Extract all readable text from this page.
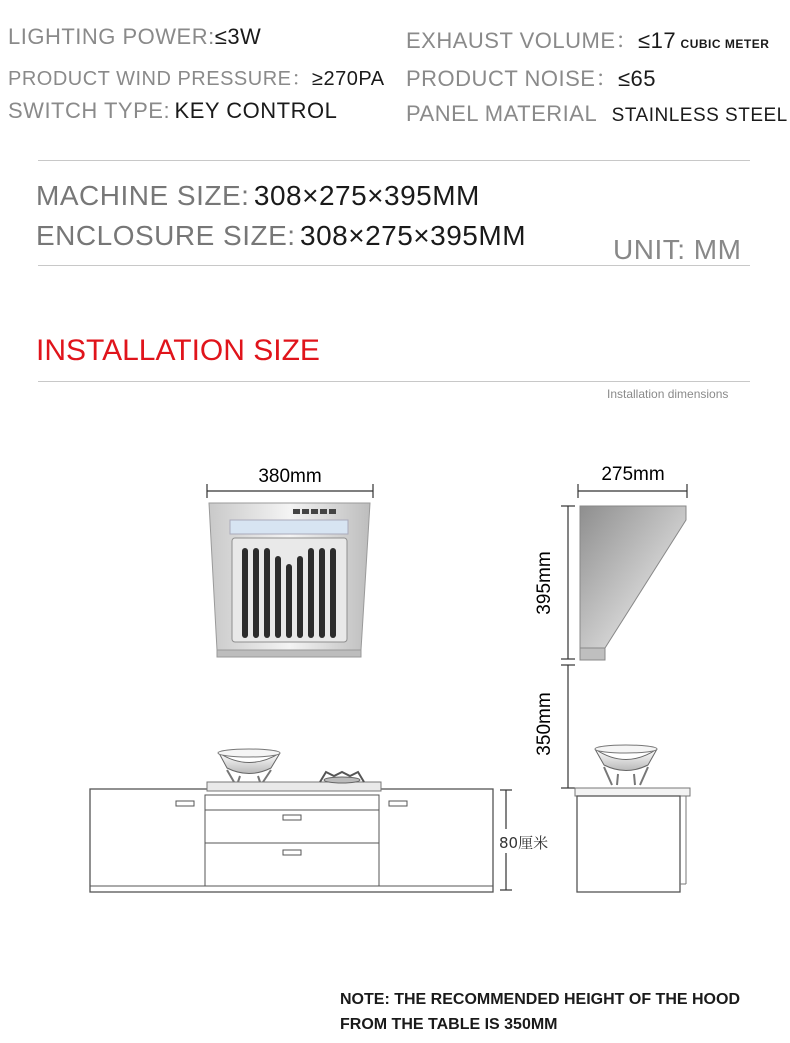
LIGHTING POWER:≤3W	EXHAUST VOLUME：≤17 CUBIC METER
PRODUCT WIND PRESSURE：≥270PA PRODUCT NOISE：≤65
SWITCH TYPE: KEY CONTROL	PANEL MATERIAL STAINLESS STEEL
MACHINE SIZE: 308×275×395MM
ENCLOSURE SIZE: 308×275×395MM	UNIT: MM
INSTALLATION SIZE
Installation dimensions
380mm	275mm
395mm
350mm
80厘米
NOTE: THE RECOMMENDED HEIGHT OF THE HOOD
FROM THE TABLE IS 350MM
